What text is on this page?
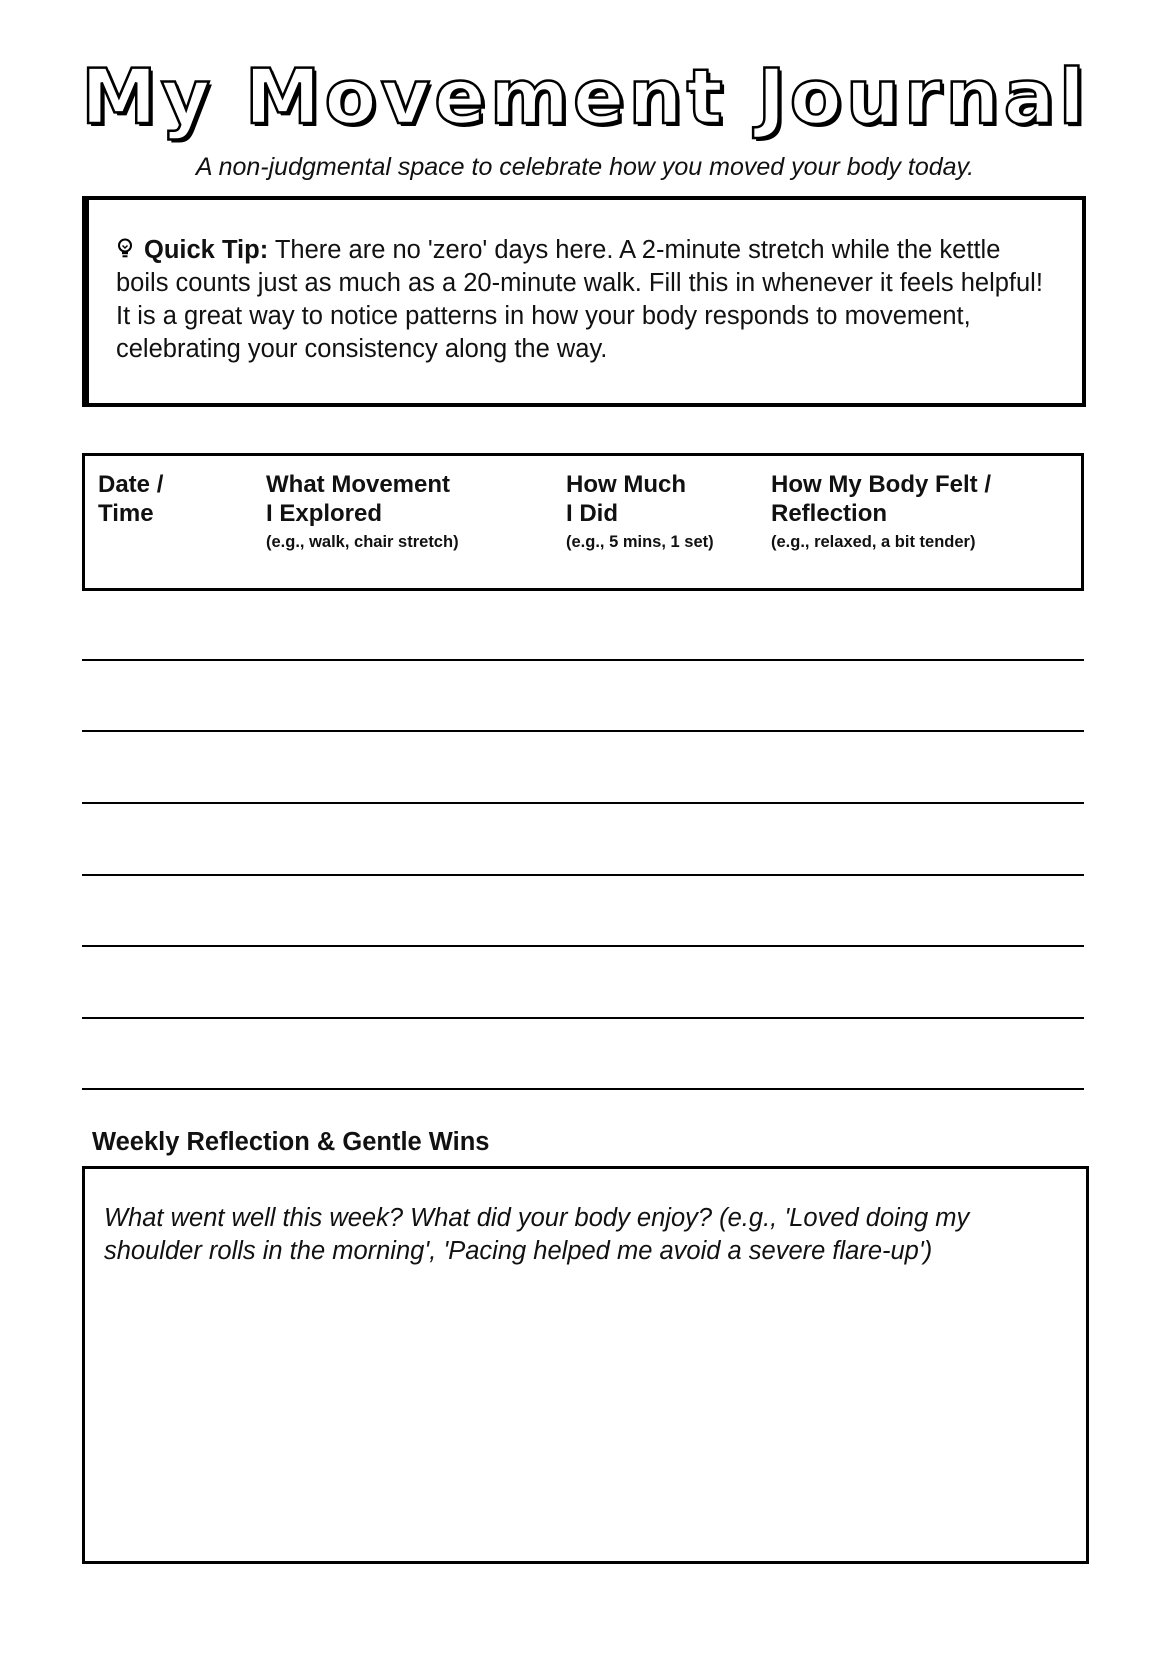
My Movement Journal
A non-judgmental space to celebrate how you moved your body today.

Quick Tip: There are no 'zero' days here. A 2-minute stretch while the kettle boils counts just as much as a 20-minute walk. Fill this in whenever it feels helpful! It is a great way to notice patterns in how your body responds to movement, celebrating your consistency along the way.

Date /
Time
What Movement
I Explored
(e.g., walk, chair stretch)
How Much
I Did
(e.g., 5 mins, 1 set)
How My Body Felt /
Reflection
(e.g., relaxed, a bit tender)
Weekly Reflection & Gentle Wins

What went well this week? What did your body enjoy? (e.g., 'Loved doing my shoulder rolls in the morning', 'Pacing helped me avoid a severe flare-up')
